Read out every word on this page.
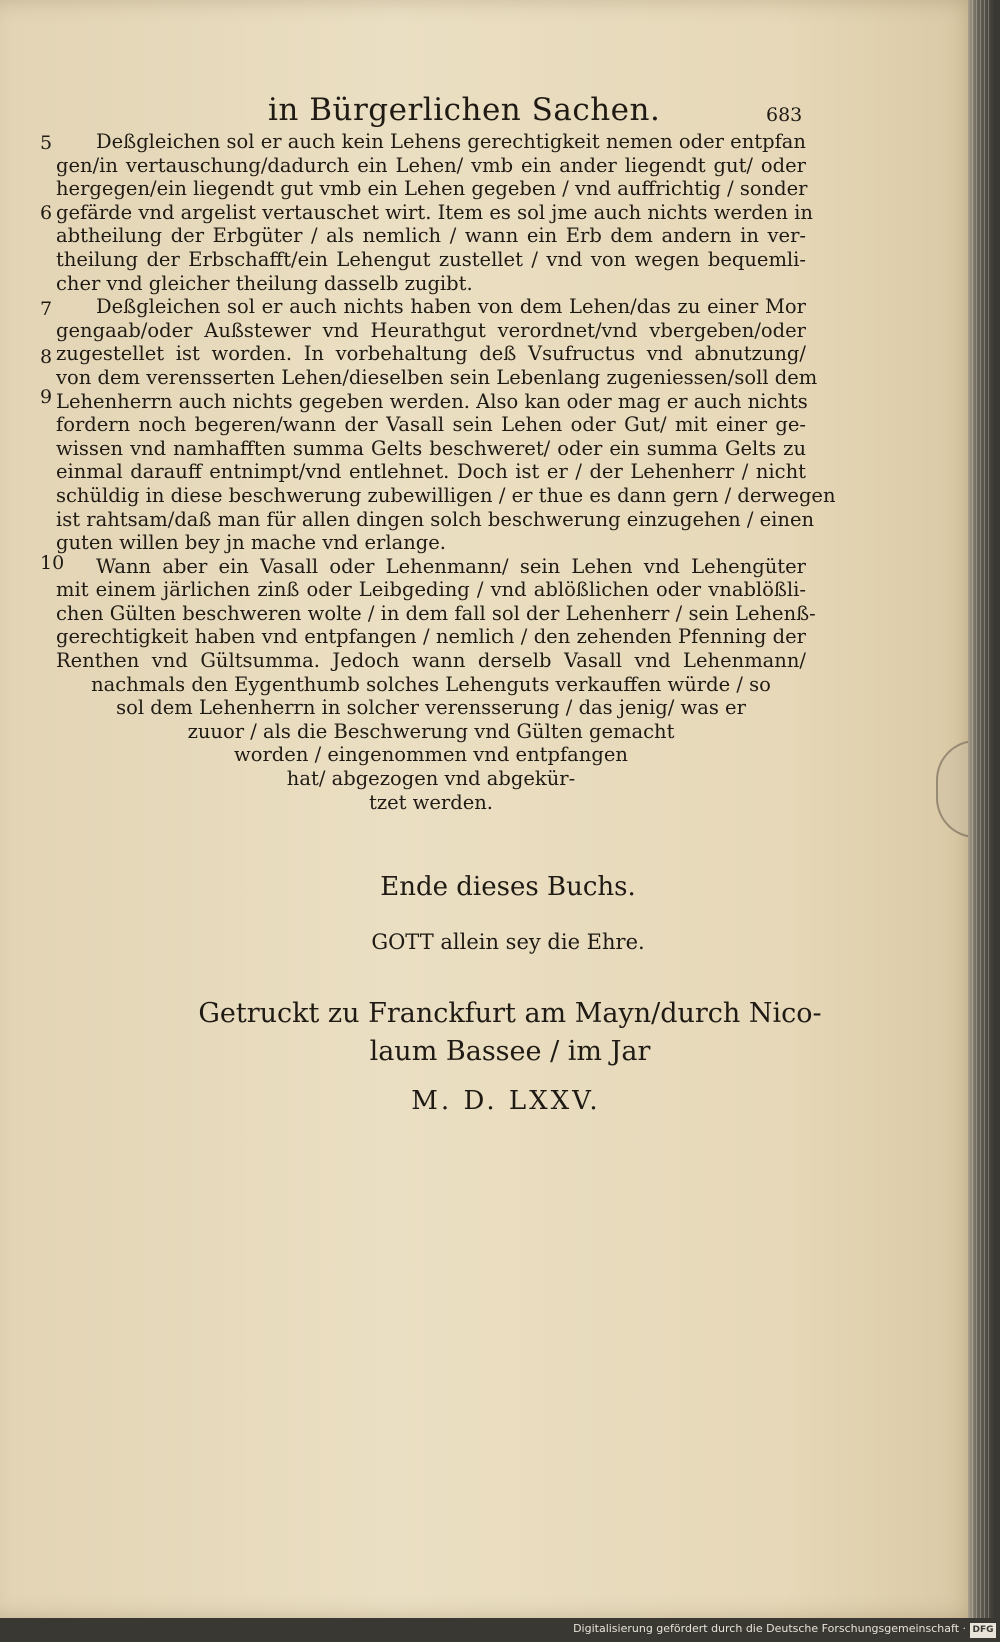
in Bürgerlichen Sachen.	683
5
6
7
8
9
10
Deßgleichen sol er auch kein Lehens gerechtigkeit nemen oder entpfan
gen/in vertauschung/dadurch ein Lehen/ vmb ein ander liegendt gut/ oder
hergegen/ein liegendt gut vmb ein Lehen gegeben / vnd auffrichtig / sonder
gefärde vnd argelist vertauschet wirt. Item es sol jme auch nichts werden in
abtheilung der Erbgüter / als nemlich / wann ein Erb dem andern in ver-
theilung der Erbschafft/ein Lehengut zustellet / vnd von wegen bequemli-
cher vnd gleicher theilung dasselb zugibt.
Deßgleichen sol er auch nichts haben von dem Lehen/das zu einer Mor
gengaab/oder Außstewer vnd Heurathgut verordnet/vnd vbergeben/oder
zugestellet ist worden. In vorbehaltung deß Vsufructus vnd abnutzung/
von dem verensserten Lehen/dieselben sein Lebenlang zugeniessen/soll dem
Lehenherrn auch nichts gegeben werden. Also kan oder mag er auch nichts
fordern noch begeren/wann der Vasall sein Lehen oder Gut/ mit einer ge-
wissen vnd namhafften summa Gelts beschweret/ oder ein summa Gelts zu
einmal darauff entnimpt/vnd entlehnet. Doch ist er / der Lehenherr / nicht
schüldig in diese beschwerung zubewilligen / er thue es dann gern / derwegen
ist rahtsam/daß man für allen dingen solch beschwerung einzugehen / einen
guten willen bey jn mache vnd erlange.
Wann aber ein Vasall oder Lehenmann/ sein Lehen vnd Lehengüter
mit einem järlichen zinß oder Leibgeding / vnd ablößlichen oder vnablößli-
chen Gülten beschweren wolte / in dem fall sol der Lehenherr / sein Lehenß-
gerechtigkeit haben vnd entpfangen / nemlich / den zehenden Pfenning der
Renthen vnd Gültsumma. Jedoch wann derselb Vasall vnd Lehenmann/
nachmals den Eygenthumb solches Lehenguts verkauffen würde / so
sol dem Lehenherrn in solcher verensserung / das jenig/ was er
zuuor / als die Beschwerung vnd Gülten gemacht
worden / eingenommen vnd entpfangen
hat/ abgezogen vnd abgekür-
tzet werden.
Ende dieses Buchs.
GOTT allein sey die Ehre.
Getruckt zu Franckfurt am Mayn/durch Nico-
laum Bassee / im Jar
M. D. LXXV.
Digitalisierung gefördert durch die Deutsche Forschungsgemeinschaft · DFG
